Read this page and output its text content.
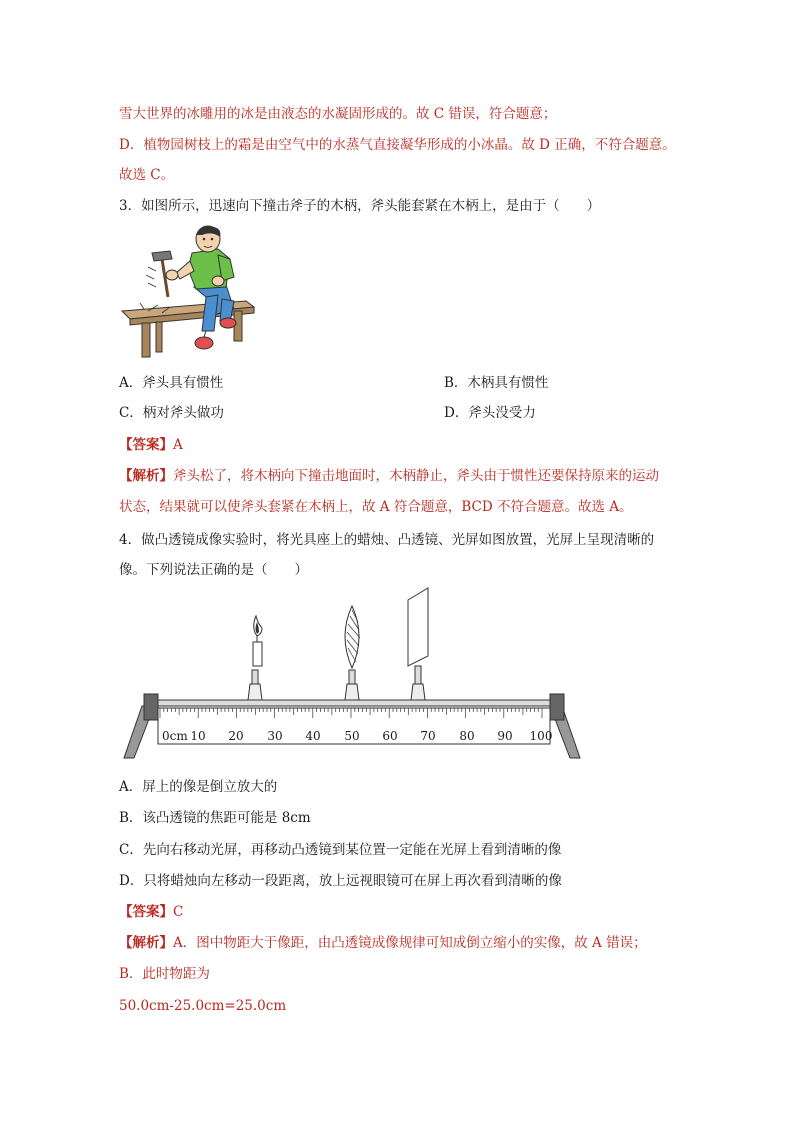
雪大世界的冰雕用的冰是由液态的水凝固形成的。故 C 错误，符合题意；
D．植物园树枝上的霜是由空气中的水蒸气直接凝华形成的小冰晶。故 D 正确，不符合题意。
故选 C。
3．如图所示，迅速向下撞击斧子的木柄，斧头能套紧在木柄上，是由于（　　）
A．斧头具有惯性	B．木柄具有惯性
C．柄对斧头做功	D．斧头没受力
【答案】A
【解析】斧头松了，将木柄向下撞击地面时，木柄静止，斧头由于惯性还要保持原来的运动
状态，结果就可以使斧头套紧在木柄上，故 A 符合题意，BCD 不符合题意。故选 A。
4．做凸透镜成像实验时，将光具座上的蜡烛、凸透镜、光屏如图放置，光屏上呈现清晰的
像。下列说法正确的是（　　）
0cm 10 20 30 40 50 60 70 80 90 100
A．屏上的像是倒立放大的
B．该凸透镜的焦距可能是 8cm
C．先向右移动光屏，再移动凸透镜到某位置一定能在光屏上看到清晰的像
D．只将蜡烛向左移动一段距离，放上远视眼镜可在屏上再次看到清晰的像
【答案】C
【解析】A．图中物距大于像距，由凸透镜成像规律可知成倒立缩小的实像，故 A 错误；
B．此时物距为
50.0cm-25.0cm=25.0cm
